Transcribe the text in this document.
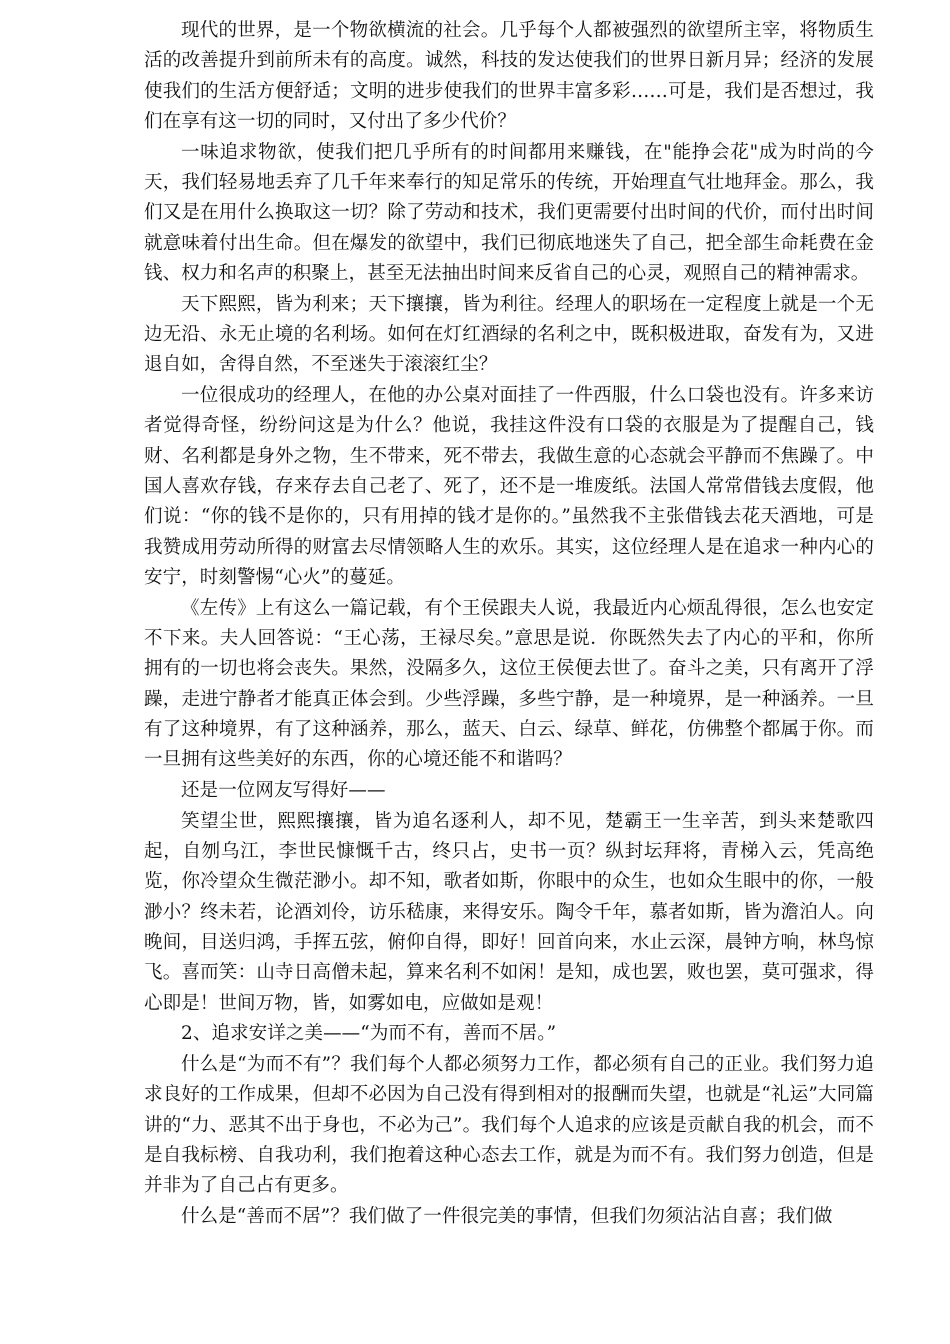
现代的世界，是一个物欲横流的社会。几乎每个人都被强烈的欲望所主宰，将物质生活的改善提升到前所未有的高度。诚然，科技的发达使我们的世界日新月异；经济的发展使我们的生活方便舒适；文明的进步使我们的世界丰富多彩……可是，我们是否想过，我们在享有这一切的同时，又付出了多少代价？

一味追求物欲，使我们把几乎所有的时间都用来赚钱，在"能挣会花"成为时尚的今天，我们轻易地丢弃了几千年来奉行的知足常乐的传统，开始理直气壮地拜金。那么，我们又是在用什么换取这一切？除了劳动和技术，我们更需要付出时间的代价，而付出时间就意味着付出生命。但在爆发的欲望中，我们已彻底地迷失了自己，把全部生命耗费在金钱、权力和名声的积聚上，甚至无法抽出时间来反省自己的心灵，观照自己的精神需求。

天下熙熙，皆为利来；天下攘攘，皆为利往。经理人的职场在一定程度上就是一个无边无沿、永无止境的名利场。如何在灯红酒绿的名利之中，既积极进取，奋发有为，又进退自如，舍得自然，不至迷失于滚滚红尘？

一位很成功的经理人，在他的办公桌对面挂了一件西服，什么口袋也没有。许多来访者觉得奇怪，纷纷问这是为什么？他说，我挂这件没有口袋的衣服是为了提醒自己，钱财、名利都是身外之物，生不带来，死不带去，我做生意的心态就会平静而不焦躁了。中国人喜欢存钱，存来存去自己老了、死了，还不是一堆废纸。法国人常常借钱去度假，他们说：“你的钱不是你的，只有用掉的钱才是你的。”虽然我不主张借钱去花天酒地，可是我赞成用劳动所得的财富去尽情领略人生的欢乐。其实，这位经理人是在追求一种内心的安宁，时刻警惕“心火”的蔓延。

《左传》上有这么一篇记载，有个王侯跟夫人说，我最近内心烦乱得很，怎么也安定不下来。夫人回答说：“王心荡，王禄尽矣。”意思是说．你既然失去了内心的平和，你所拥有的一切也将会丧失。果然，没隔多久，这位王侯便去世了。奋斗之美，只有离开了浮躁，走进宁静者才能真正体会到。少些浮躁，多些宁静，是一种境界，是一种涵养。一旦有了这种境界，有了这种涵养，那么，蓝天、白云、绿草、鲜花，仿佛整个都属于你。而一旦拥有这些美好的东西，你的心境还能不和谐吗？

还是一位网友写得好——

笑望尘世，熙熙攘攘，皆为追名逐利人，却不见，楚霸王一生辛苦，到头来楚歌四起，自刎乌江，李世民慷慨千古，终只占，史书一页？纵封坛拜将，青梯入云，凭高绝览，你冷望众生微茫渺小。却不知，歌者如斯，你眼中的众生，也如众生眼中的你，一般渺小？终未若，论酒刘伶，访乐嵇康，来得安乐。陶令千年，慕者如斯，皆为澹泊人。向晚间，目送归鸿，手挥五弦，俯仰自得，即好！回首向来，水止云深，晨钟方响，林鸟惊飞。喜而笑：山寺日高僧未起，算来名利不如闲！是知，成也罢，败也罢，莫可强求，得心即是！世间万物，皆，如雾如电，应做如是观！

2、追求安详之美——“为而不有，善而不居。”

什么是“为而不有”？我们每个人都必须努力工作，都必须有自己的正业。我们努力追求良好的工作成果，但却不必因为自己没有得到相对的报酬而失望，也就是“礼运”大同篇讲的“力、恶其不出于身也，不必为己”。我们每个人追求的应该是贡献自我的机会，而不是自我标榜、自我功利，我们抱着这种心态去工作，就是为而不有。我们努力创造，但是并非为了自己占有更多。

什么是“善而不居”？我们做了一件很完美的事情，但我们勿须沾沾自喜；我们做
